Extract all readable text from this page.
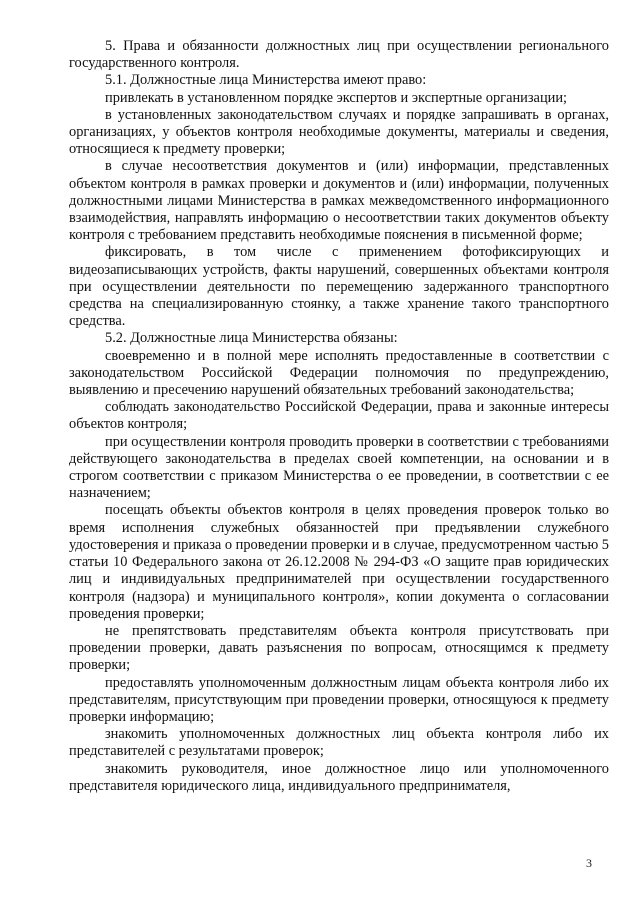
5. Права и обязанности должностных лиц при осуществлении регионального государственного контроля.

5.1. Должностные лица Министерства имеют право:

привлекать в установленном порядке экспертов и экспертные организации;

в установленных законодательством случаях и порядке запрашивать в органах, организациях, у объектов контроля необходимые документы, материалы и сведения, относящиеся к предмету проверки;

в случае несоответствия документов и (или) информации, представленных объектом контроля в рамках проверки и документов и (или) информации, полученных должностными лицами Министерства в рамках межведомственного информационного взаимодействия, направлять информацию о несоответствии таких документов объекту контроля с требованием представить необходимые пояснения в письменной форме;

фиксировать, в том числе с применением фотофиксирующих и видеозаписывающих устройств, факты нарушений, совершенных объектами контроля при осуществлении деятельности по перемещению задержанного транспортного средства на специализированную стоянку, а также хранение такого транспортного средства.

5.2. Должностные лица Министерства обязаны:

своевременно и в полной мере исполнять предоставленные в соответствии с законодательством Российской Федерации полномочия по предупреждению, выявлению и пресечению нарушений обязательных требований законодательства;

соблюдать законодательство Российской Федерации, права и законные интересы объектов контроля;

при осуществлении контроля проводить проверки в соответствии с требованиями действующего законодательства в пределах своей компетенции, на основании и в строгом соответствии с приказом Министерства о ее проведении, в соответствии с ее назначением;

посещать объекты объектов контроля в целях проведения проверок только во время исполнения служебных обязанностей при предъявлении служебного удостоверения и приказа о проведении проверки и в случае, предусмотренном частью 5 статьи 10 Федерального закона от 26.12.2008 № 294-ФЗ «О защите прав юридических лиц и индивидуальных предпринимателей при осуществлении государственного контроля (надзора) и муниципального контроля», копии документа о согласовании проведения проверки;

не препятствовать представителям объекта контроля присутствовать при проведении проверки, давать разъяснения по вопросам, относящимся к предмету проверки;

предоставлять уполномоченным должностным лицам объекта контроля либо их представителям, присутствующим при проведении проверки, относящуюся к предмету проверки информацию;

знакомить уполномоченных должностных лиц объекта контроля либо их представителей с результатами проверок;

знакомить руководителя, иное должностное лицо или уполномоченного представителя юридического лица, индивидуального предпринимателя,

3
